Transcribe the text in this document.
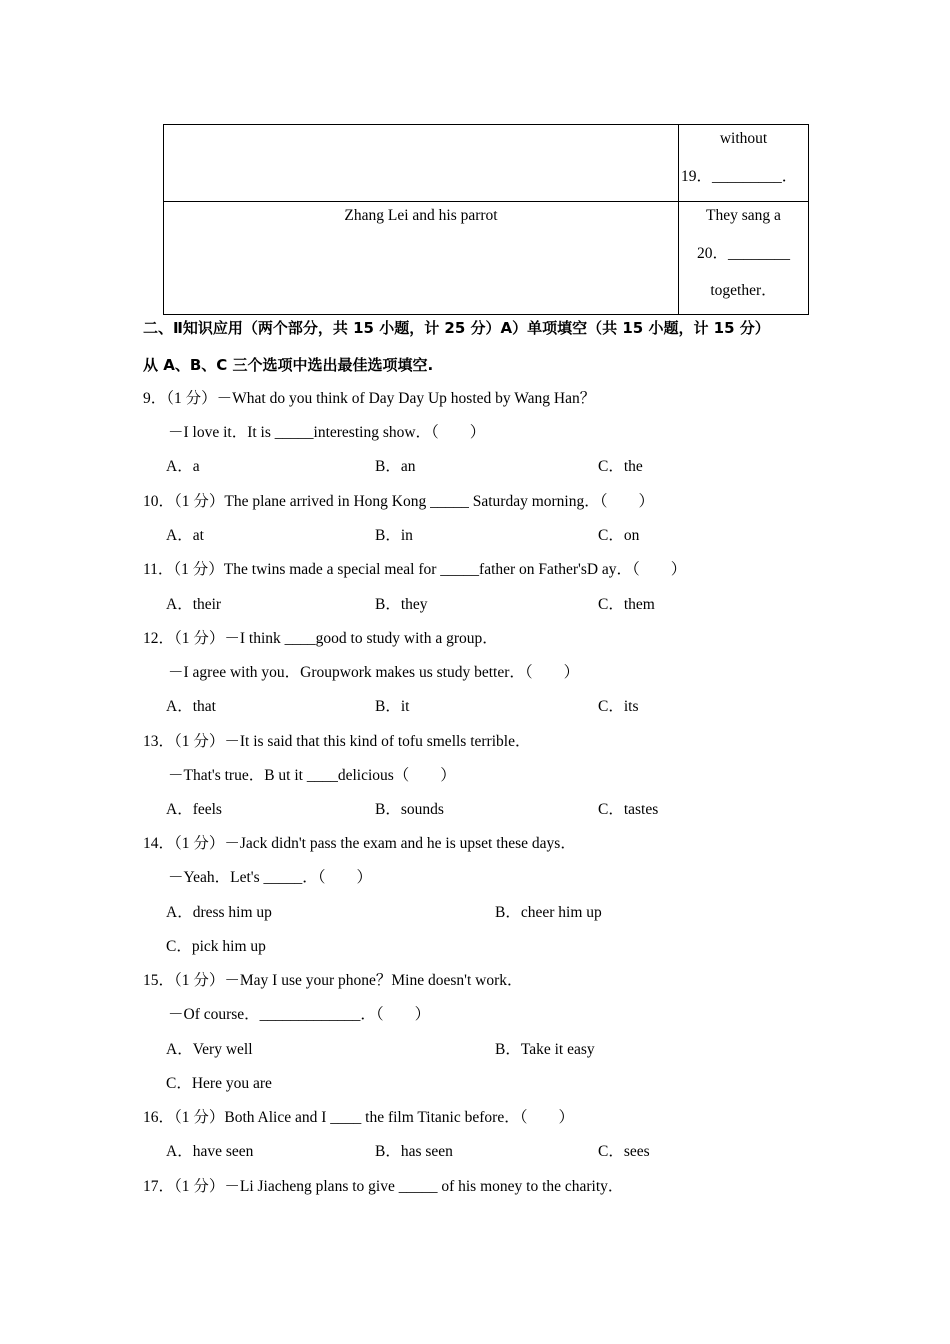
	without
19．_________．

Zhang Lei and his parrot	They sang a
20．________
together．
二、Ⅱ知识应用（两个部分，共 15 小题，计 25 分）A）单项填空（共 15 小题，计 15 分）
从 A、B、C 三个选项中选出最佳选项填空.
9．（1 分）－What do you think of Day Day Up hosted by Wang Han？
－I love it．It is _____interesting show．（　　）
A．a	B．an	C．the
10．（1 分）The plane arrived in Hong Kong _____ Saturday morning．（　　）
A．at	B．in	C．on
11．（1 分）The twins made a special meal for _____father on Father'sD ay．（　　）
A．their	B．they	C．them
12．（1 分）－I think ____good to study with a group．
－I agree with you．Groupwork makes us study better．（　　）
A．that	B．it	C．its
13．（1 分）－It is said that this kind of tofu smells terrible．
－That's true．B ut it ____delicious（　　）
A．feels	B．sounds	C．tastes
14．（1 分）－Jack didn't pass the exam and he is upset these days．
－Yeah．Let's _____．（　　）
A．dress him up	B．cheer him up
C．pick him up
15．（1 分）－May I use your phone？Mine doesn't work．
－Of course．_____________．（　　）
A．Very well	B．Take it easy
C．Here you are
16．（1 分）Both Alice and I ____ the film Titanic before．（　　）
A．have seen	B．has seen	C．sees
17．（1 分）－Li Jiacheng plans to give _____ of his money to the charity．
